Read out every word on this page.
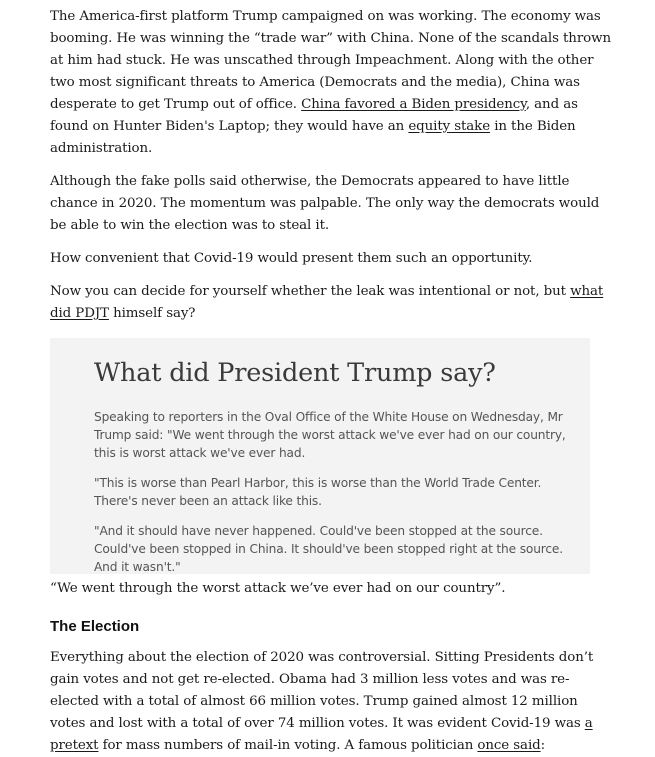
The America-first platform Trump campaigned on was working. The economy was booming. He was winning the “trade war” with China. None of the scandals thrown at him had stuck. He was unscathed through Impeachment. Along with the other two most significant threats to America (Democrats and the media), China was desperate to get Trump out of office. China favored a Biden presidency, and as found on Hunter Biden's Laptop; they would have an equity stake in the Biden administration.

Although the fake polls said otherwise, the Democrats appeared to have little chance in 2020. The momentum was palpable. The only way the democrats would be able to win the election was to steal it.

How convenient that Covid-19 would present them such an opportunity.

Now you can decide for yourself whether the leak was intentional or not, but what did PDJT himself say?

What did President Trump say?
Speaking to reporters in the Oval Office of the White House on Wednesday, Mr Trump said: "We went through the worst attack we've ever had on our country, this is worst attack we've ever had.
"This is worse than Pearl Harbor, this is worse than the World Trade Center. There's never been an attack like this.
"And it should have never happened. Could've been stopped at the source. Could've been stopped in China. It should've been stopped right at the source. And it wasn't."

“We went through the worst attack we’ve ever had on our country”.

The Election

Everything about the election of 2020 was controversial. Sitting Presidents don’t gain votes and not get re-elected. Obama had 3 million less votes and was re-elected with a total of almost 66 million votes. Trump gained almost 12 million votes and lost with a total of over 74 million votes. It was evident Covid-19 was a pretext for mass numbers of mail-in voting. A famous politician once said:
